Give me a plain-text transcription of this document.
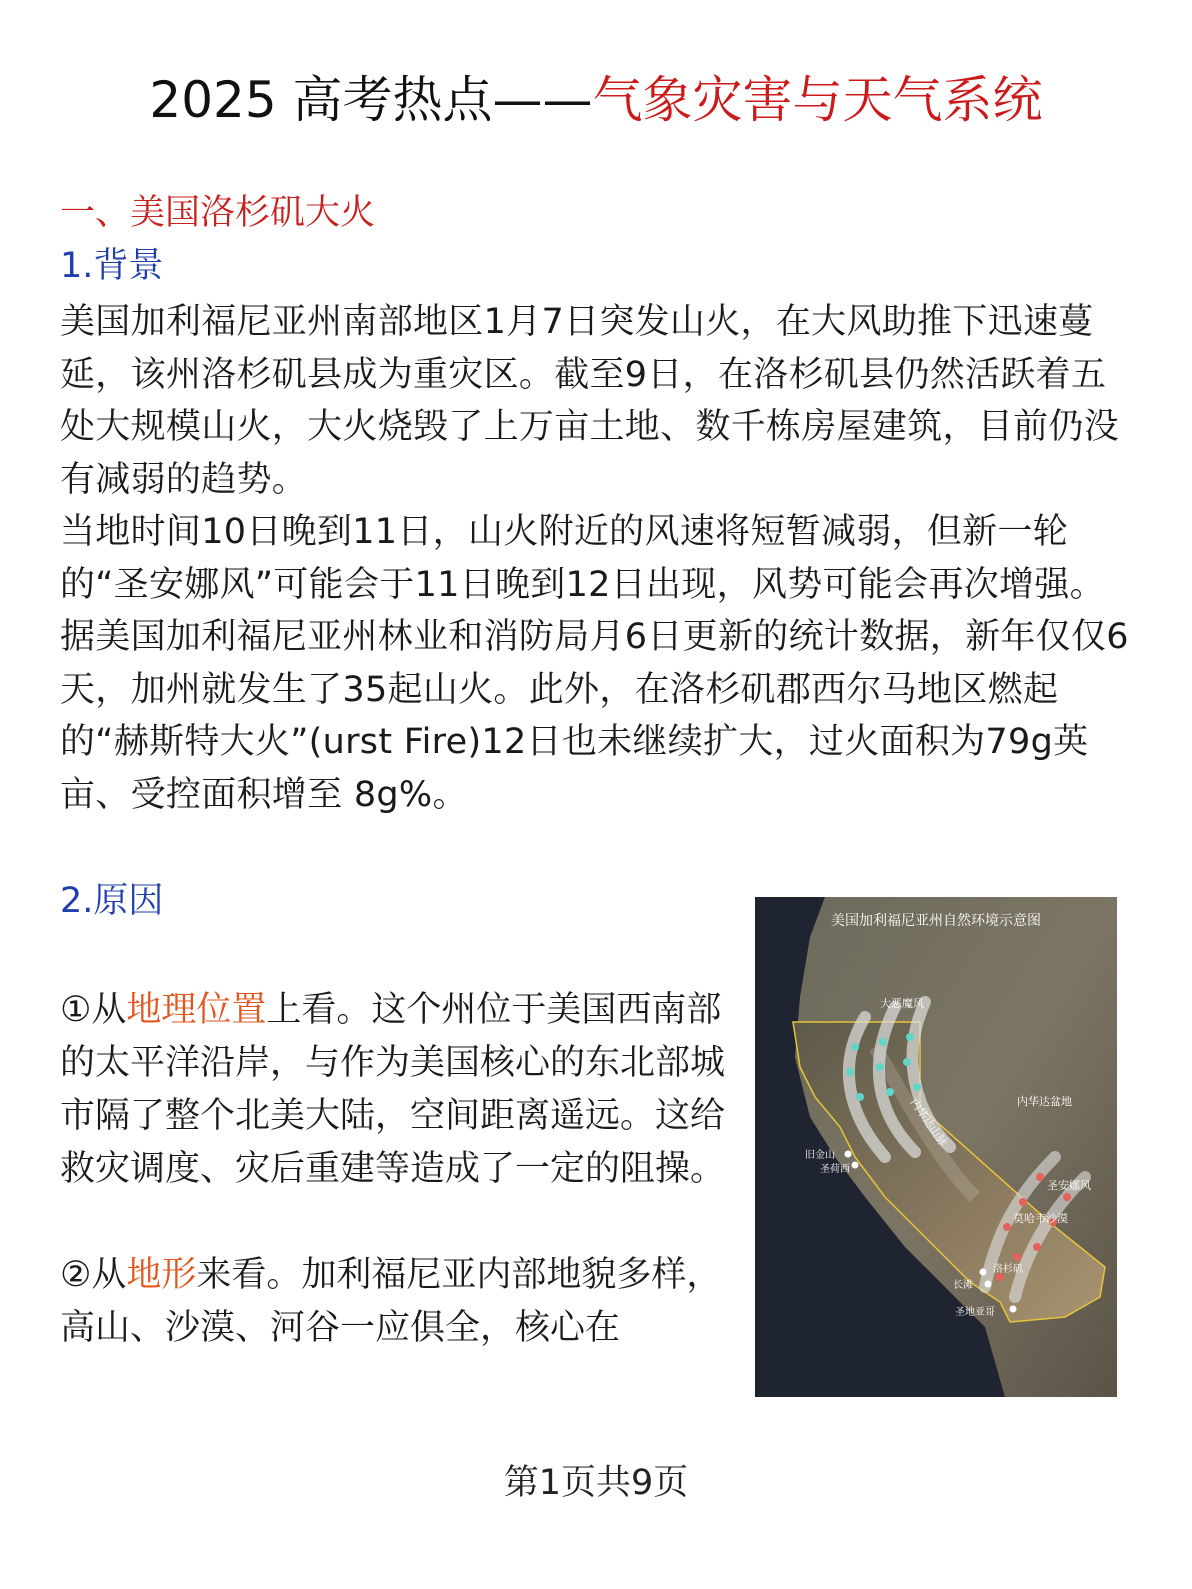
2025 高考热点——气象灾害与天气系统
一、美国洛杉矶大火
1.背景
美国加利福尼亚州南部地区1月7日突发山火，在大风助推下迅速蔓延，该州洛杉矶县成为重灾区。截至9日，在洛杉矶县仍然活跃着五处大规模山火，大火烧毁了上万亩土地、数千栋房屋建筑，目前仍没有减弱的趋势。
当地时间10日晚到11日，山火附近的风速将短暂减弱，但新一轮的“圣安娜风”可能会于11日晚到12日出现，风势可能会再次增强。据美国加利福尼亚州林业和消防局月6日更新的统计数据，新年仅仅6天，加州就发生了35起山火。此外，在洛杉矶郡西尔马地区燃起的“赫斯特大火”(urst Fire)12日也未继续扩大，过火面积为79g英亩、受控面积增至 8g%。
2.原因
①从地理位置上看。这个州位于美国西南部的太平洋沿岸，与作为美国核心的东北部城市隔了整个北美大陆，空间距离遥远。这给救灾调度、灾后重建等造成了一定的阻操。
②从地形来看。加利福尼亚内部地貌多样，高山、沙漠、河谷一应俱全，核心在
美国加利福尼亚州自然环境示意图
大恶魔风
内华达山脉	内华达盆地
旧金山
圣荷西
圣安娜风
莫哈韦沙漠
洛杉矶
长滩
圣地亚哥
第1页共9页
